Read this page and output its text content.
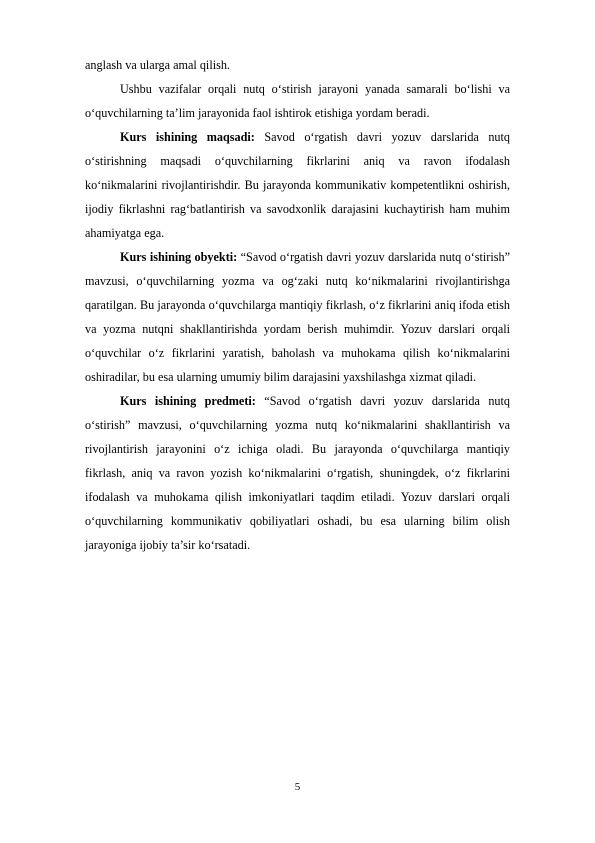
anglash va ularga amal qilish.

Ushbu vazifalar orqali nutq o‘stirish jarayoni yanada samarali bo‘lishi va o‘quvchilarning ta’lim jarayonida faol ishtirok etishiga yordam beradi.

Kurs ishining maqsadi: Savod o‘rgatish davri yozuv darslarida nutq o‘stirishning maqsadi o‘quvchilarning fikrlarini aniq va ravon ifodalash ko‘nikmalarini rivojlantirishdir. Bu jarayonda kommunikativ kompetentlikni oshirish, ijodiy fikrlashni rag‘batlantirish va savodxonlik darajasini kuchaytirish ham muhim ahamiyatga ega.

Kurs ishining obyekti: “Savod o‘rgatish davri yozuv darslarida nutq o‘stirish” mavzusi, o‘quvchilarning yozma va og‘zaki nutq ko‘nikmalarini rivojlantirishga qaratilgan. Bu jarayonda o‘quvchilarga mantiqiy fikrlash, o‘z fikrlarini aniq ifoda etish va yozma nutqni shakllantirishda yordam berish muhimdir. Yozuv darslari orqali o‘quvchilar o‘z fikrlarini yaratish, baholash va muhokama qilish ko‘nikmalarini oshiradilar, bu esa ularning umumiy bilim darajasini yaxshilashga xizmat qiladi.

Kurs ishining predmeti: “Savod o‘rgatish davri yozuv darslarida nutq o‘stirish” mavzusi, o‘quvchilarning yozma nutq ko‘nikmalarini shakllantirish va rivojlantirish jarayonini o‘z ichiga oladi. Bu jarayonda o‘quvchilarga mantiqiy fikrlash, aniq va ravon yozish ko‘nikmalarini o‘rgatish, shuningdek, o‘z fikrlarini ifodalash va muhokama qilish imkoniyatlari taqdim etiladi. Yozuv darslari orqali o‘quvchilarning kommunikativ qobiliyatlari oshadi, bu esa ularning bilim olish jarayoniga ijobiy ta’sir ko‘rsatadi.

5
